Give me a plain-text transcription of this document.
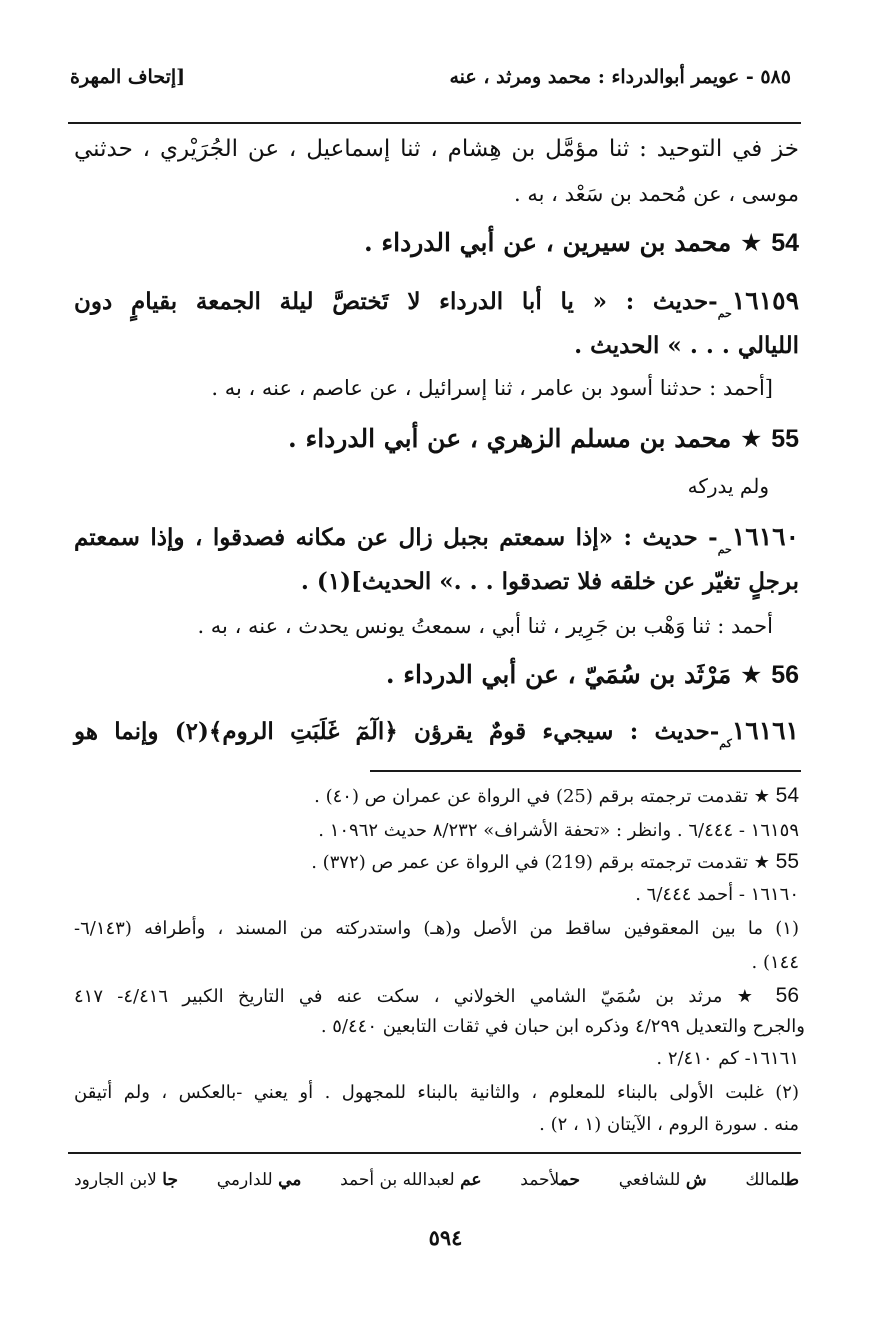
٥٨٥ - عويمر أبوالدرداء : محمد ومرثد ، عنه
[إتحاف المهرة
خز في التوحيد : ثنا مؤمَّل بن هِشام ، ثنا إسماعيل ، عن الجُرَيْري ، حدثني
موسى ، عن مُحمد بن سَعْد ، به .
54 ★ محمد بن سيرين ، عن أبي الدرداء .
$١٦١٥٩_{حم}$-حديث : « يا أبا الدرداء لا تَختصَّ ليلة الجمعة بقيامٍ دون
الليالي . . . » الحديث .
[أحمد : حدثنا أسود بن عامر ، ثنا إسرائيل ، عن عاصم ، عنه ، به .
55 ★ محمد بن مسلم الزهري ، عن أبي الدرداء .
ولم يدركه
$١٦١٦٠_{حم}-$ حديث : «إذا سمعتم بجبل زال عن مكانه فصدقوا ، وإذا سمعتم
برجلٍ تغيّر عن خلقه فلا تصدقوا . . .» الحديث](١) .
أحمد : ثنا وَهْب بن جَرِير ، ثنا أبي ، سمعتُ يونس يحدث ، عنه ، به .
56 ★ مَرْثَد بن سُمَيّ ، عن أبي الدرداء .
$١٦١٦١_{كم}$-حديث : سيجيء قومٌ يقرؤن ﴿الٓمٓ غَلَبَتِ الروم﴾(٢) وإنما هو
54 ★ تقدمت ترجمته برقم (25) في الرواة عن عمران ص (٤٠) .
١٦١٥٩ - ٦/٤٤٤ . وانظر : «تحفة الأشراف» ٨/٢٣٢ حديث ١٠٩٦٢ .
55 ★ تقدمت ترجمته برقم (219) في الرواة عن عمر ص (٣٧٢) .
١٦١٦٠ - أحمد ٦/٤٤٤ .
(١) ما بين المعقوفين ساقط من الأصل و(هـ) واستدركته من المسند ، وأطرافه (٦/١٤٣-
١٤٤) .
56 ★ مرثد بن سُمَيّ الشامي الخولاني ، سكت عنه في التاريخ الكبير ٤/٤١٦- ٤١٧
والجرح والتعديل ٤/٢٩٩ وذكره ابن حبان في ثقات التابعين ٥/٤٤٠ .
١٦١٦١- كم ٢/٤١٠ .
(٢) غلبت الأولى بالبناء للمعلوم ، والثانية بالبناء للمجهول . أو يعني -بالعكس ، ولم أتيقن
منه . سورة الروم ، الآيتان (١ ، ٢) .
طلمالك
ش للشافعي
حملأحمد
عم لعبدالله بن أحمد
مي للدارمي
جا لابن الجارود
٥٩٤
